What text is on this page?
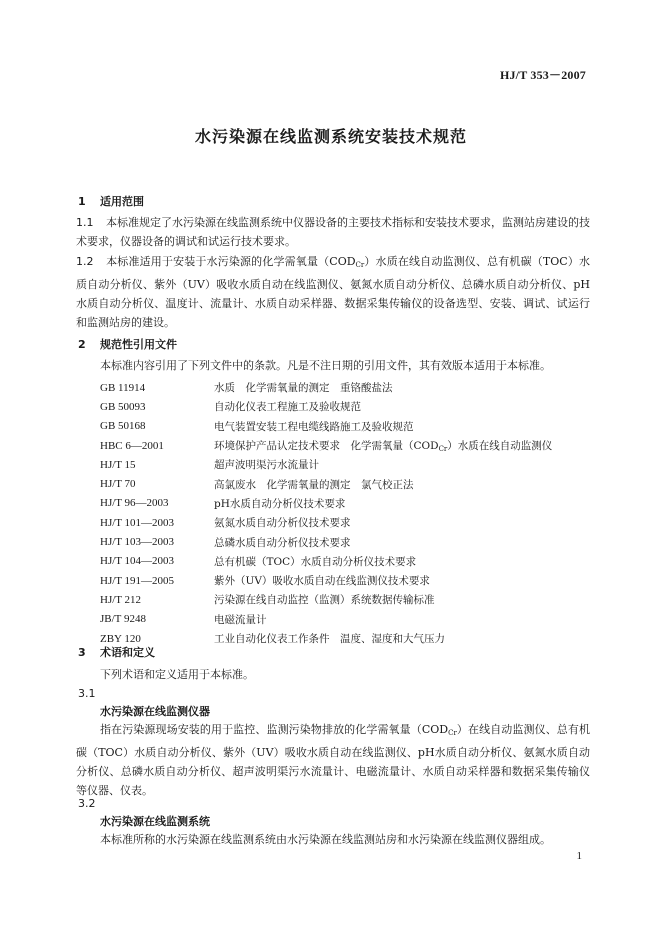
HJ/T 353－2007
水污染源在线监测系统安装技术规范
1 适用范围
1.1 本标准规定了水污染源在线监测系统中仪器设备的主要技术指标和安装技术要求，监测站房建设的技术要求，仪器设备的调试和试运行技术要求。
1.2 本标准适用于安装于水污染源的化学需氧量$(COD_{Cr})$水质在线自动监测仪、总有机碳（TOC）水质自动分析仪、紫外（UV）吸收水质自动在线监测仪、氨氮水质自动分析仪、总磷水质自动分析仪、pH水质自动分析仪、温度计、流量计、水质自动采样器、数据采集传输仪的设备选型、安装、调试、试运行和监测站房的建设。
2 规范性引用文件
本标准内容引用了下列文件中的条款。凡是不注日期的引用文件，其有效版本适用于本标准。
GB 11914	水质　化学需氧量的测定　重铬酸盐法
GB 50093	自动化仪表工程施工及验收规范
GB 50168	电气装置安装工程电缆线路施工及验收规范
HBC 6—2001	环境保护产品认定技术要求　化学需氧量$(COD_{Cr})$水质在线自动监测仪
HJ/T 15	超声波明渠污水流量计
HJ/T 70	高氯废水　化学需氧量的测定　氯气校正法
HJ/T 96—2003	pH水质自动分析仪技术要求
HJ/T 101—2003	氨氮水质自动分析仪技术要求
HJ/T 103—2003	总磷水质自动分析仪技术要求
HJ/T 104—2003	总有机碳（TOC）水质自动分析仪技术要求
HJ/T 191—2005	紫外（UV）吸收水质自动在线监测仪技术要求
HJ/T 212	污染源在线自动监控（监测）系统数据传输标准
JB/T 9248	电磁流量计
ZBY 120	工业自动化仪表工作条件　温度、湿度和大气压力
3 术语和定义
下列术语和定义适用于本标准。
3.1
水污染源在线监测仪器
指在污染源现场安装的用于监控、监测污染物排放的化学需氧量$(COD_{Cr})$在线自动监测仪、总有机碳（TOC）水质自动分析仪、紫外（UV）吸收水质自动在线监测仪、pH水质自动分析仪、氨氮水质自动分析仪、总磷水质自动分析仪、超声波明渠污水流量计、电磁流量计、水质自动采样器和数据采集传输仪等仪器、仪表。
3.2
水污染源在线监测系统
本标准所称的水污染源在线监测系统由水污染源在线监测站房和水污染源在线监测仪器组成。
1
